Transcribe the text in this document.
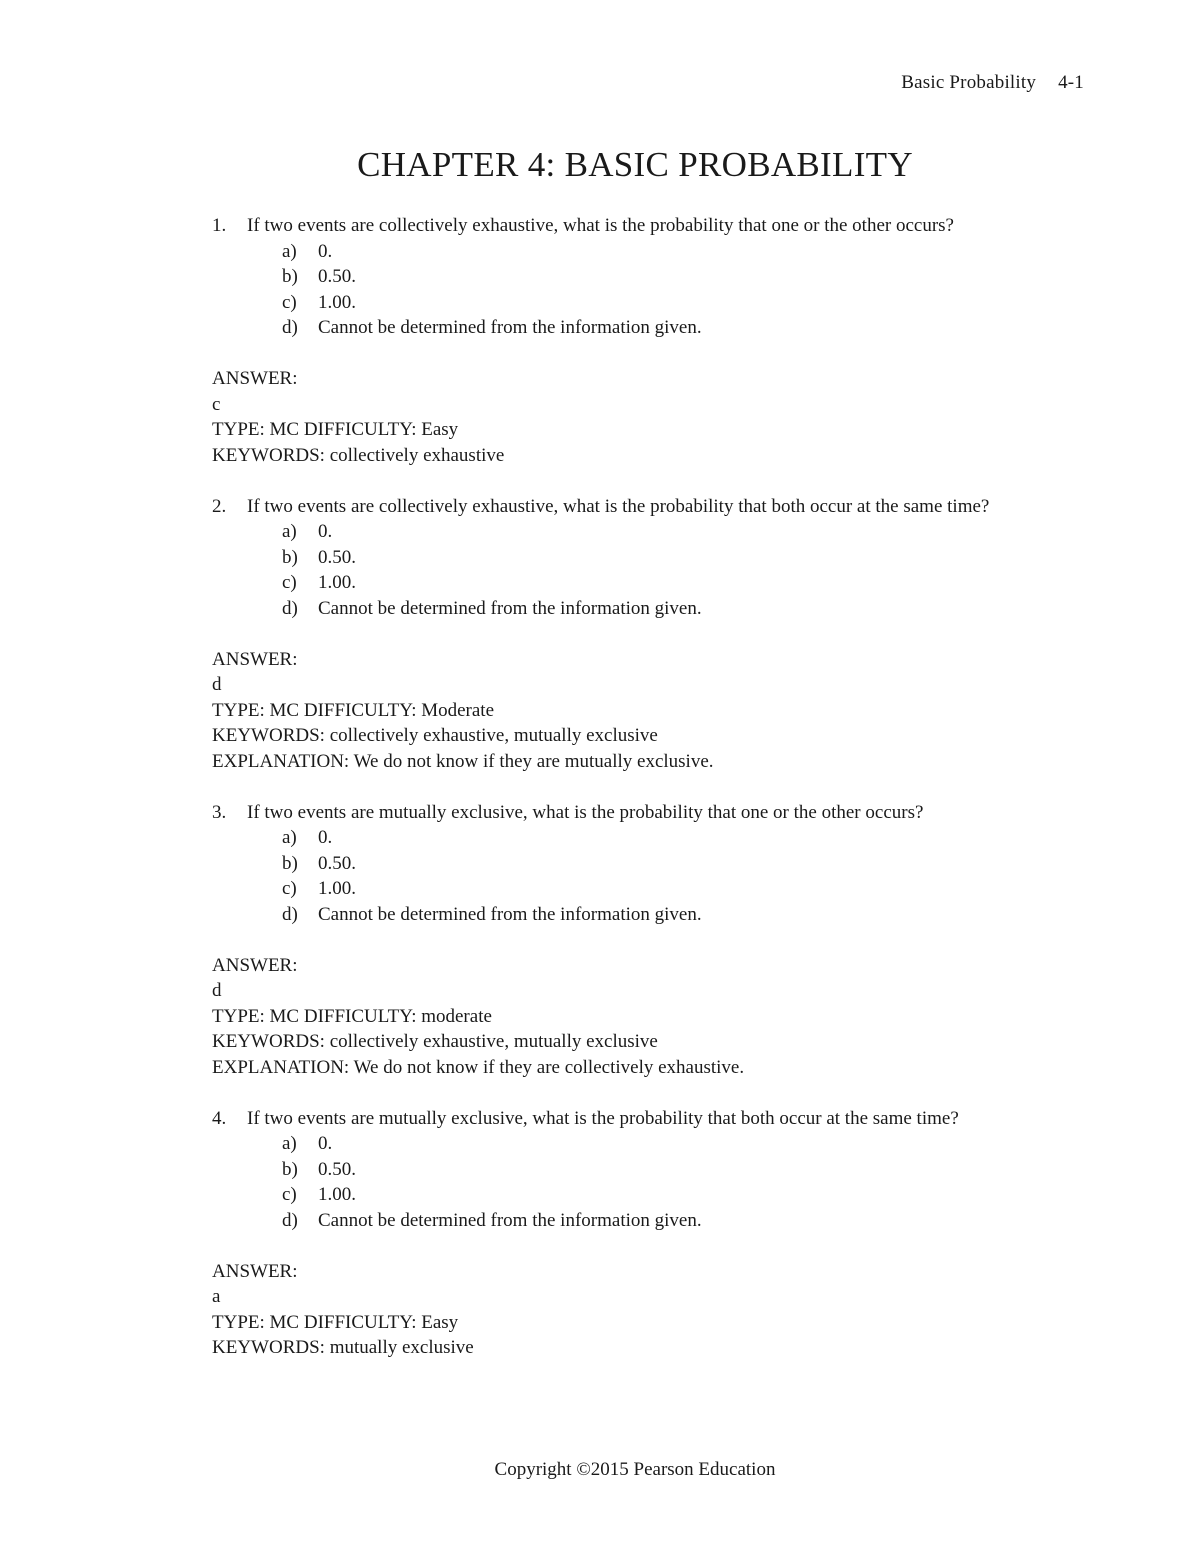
Basic Probability 4-1
CHAPTER 4: BASIC PROBABILITY
1.	If two events are collectively exhaustive, what is the probability that one or the other occurs?
a)	0.
b)	0.50.
c)	1.00.
d)	Cannot be determined from the information given.
ANSWER:
c
TYPE: MC DIFFICULTY: Easy
KEYWORDS: collectively exhaustive
2.	If two events are collectively exhaustive, what is the probability that both occur at the same time?
a)	0.
b)	0.50.
c)	1.00.
d)	Cannot be determined from the information given.
ANSWER:
d
TYPE: MC DIFFICULTY: Moderate
KEYWORDS: collectively exhaustive, mutually exclusive
EXPLANATION: We do not know if they are mutually exclusive.
3.	If two events are mutually exclusive, what is the probability that one or the other occurs?
a)	0.
b)	0.50.
c)	1.00.
d)	Cannot be determined from the information given.
ANSWER:
d
TYPE: MC DIFFICULTY: moderate
KEYWORDS: collectively exhaustive, mutually exclusive
EXPLANATION: We do not know if they are collectively exhaustive.
4.	If two events are mutually exclusive, what is the probability that both occur at the same time?
a)	0.
b)	0.50.
c)	1.00.
d)	Cannot be determined from the information given.
ANSWER:
a
TYPE: MC DIFFICULTY: Easy
KEYWORDS: mutually exclusive
Copyright ©2015 Pearson Education
